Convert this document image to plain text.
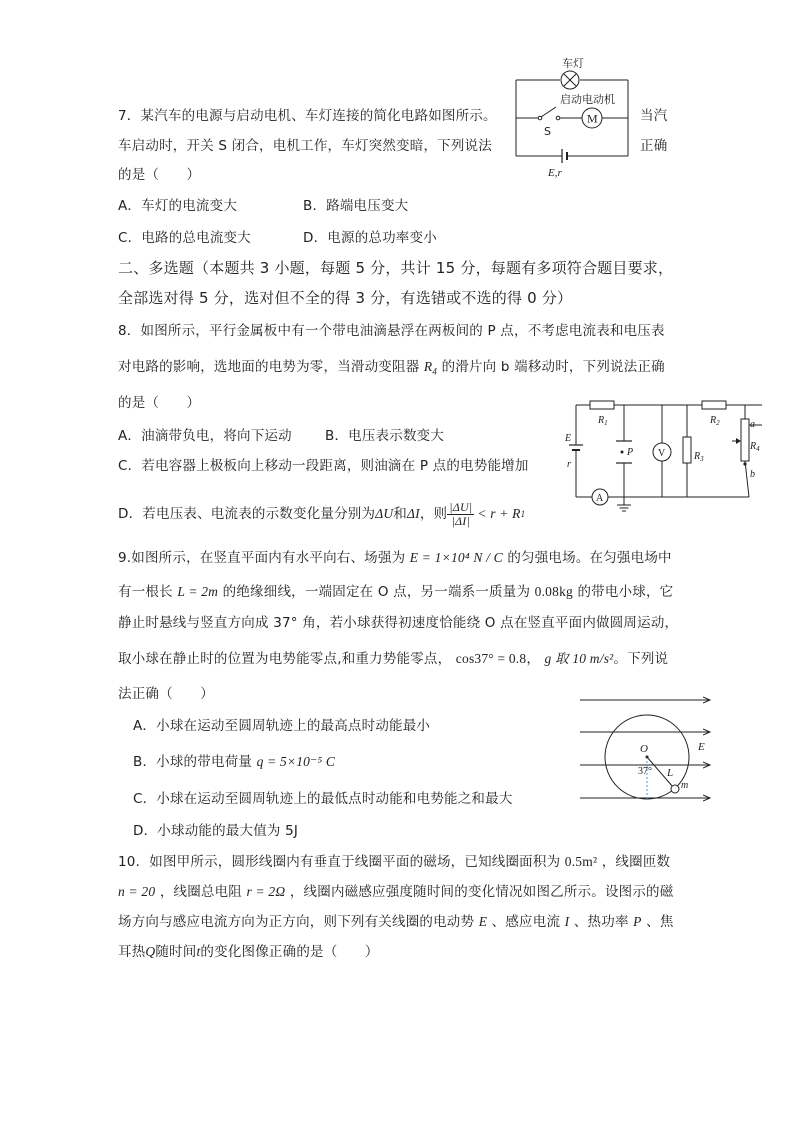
车灯
S
启动电动机
M
E,r
7．某汽车的电源与启动电机、车灯连接的简化电路如图所示。	当汽
车启动时，开关 S 闭合，电机工作，车灯突然变暗，下列说法	正确
的是（　　）
A．车灯的电流变大	B．路端电压变大
C．电路的总电流变大	D．电源的总功率变小
二、多选题（本题共 3 小题，每题 5 分，共计 15 分，每题有多项符合题目要求，
全部选对得 5 分，选对但不全的得 3 分，有选错或不选的得 0 分）
8．如图所示，平行金属板中有一个带电油滴悬浮在两板间的 P 点，不考虑电流表和电压表
对电路的影响，选地面的电势为零，当滑动变阻器 $R_4$ 的滑片向 b 端移动时，下列说法正确
的是（　　）
A．油滴带负电，将向下运动 B．电压表示数变大
C．若电容器上极板向上移动一段距离，则油滴在 P 点的电势能增加
D．若电压表、电流表的示数变化量分别为 ΔU 和 ΔI ，则 $\frac{|\Delta U|}{|\Delta I|} < r + R$ 1
$R_1$	$R_2$
E
r
A
P V	$R_3$
$R_4$
a
b
9.如图所示，在竖直平面内有水平向右、场强为 E = 1×10⁴ N / C 的匀强电场。在匀强电场中
有一根长 L = 2m 的绝缘细线，一端固定在 O 点，另一端系一质量为 0.08kg 的带电小球，它
静止时悬线与竖直方向成 37° 角，若小球获得初速度恰能绕 O 点在竖直平面内做圆周运动，
取小球在静止时的位置为电势能零点,和重力势能零点， cos37° = 0.8， g 取 10 m/s²。下列说
法正确（　　）
A．小球在运动至圆周轨迹上的最高点时动能最小
B．小球的带电荷量 q = 5×10⁻⁵ C
C．小球在运动至圆周轨迹上的最低点时动能和电势能之和最大
D．小球动能的最大值为 5J
O	E
L
m
37°
10．如图甲所示，圆形线圈内有垂直于线圈平面的磁场，已知线圈面积为 0.5m² ，线圈匝数
n = 20 ，线圈总电阻 r = 2Ω ，线圈内磁感应强度随时间的变化情况如图乙所示。设图示的磁
场方向与感应电流方向为正方向，则下列有关线圈的电动势 E 、感应电流 I 、热功率 P 、焦
耳热Q随时间t的变化图像正确的是（　　）
